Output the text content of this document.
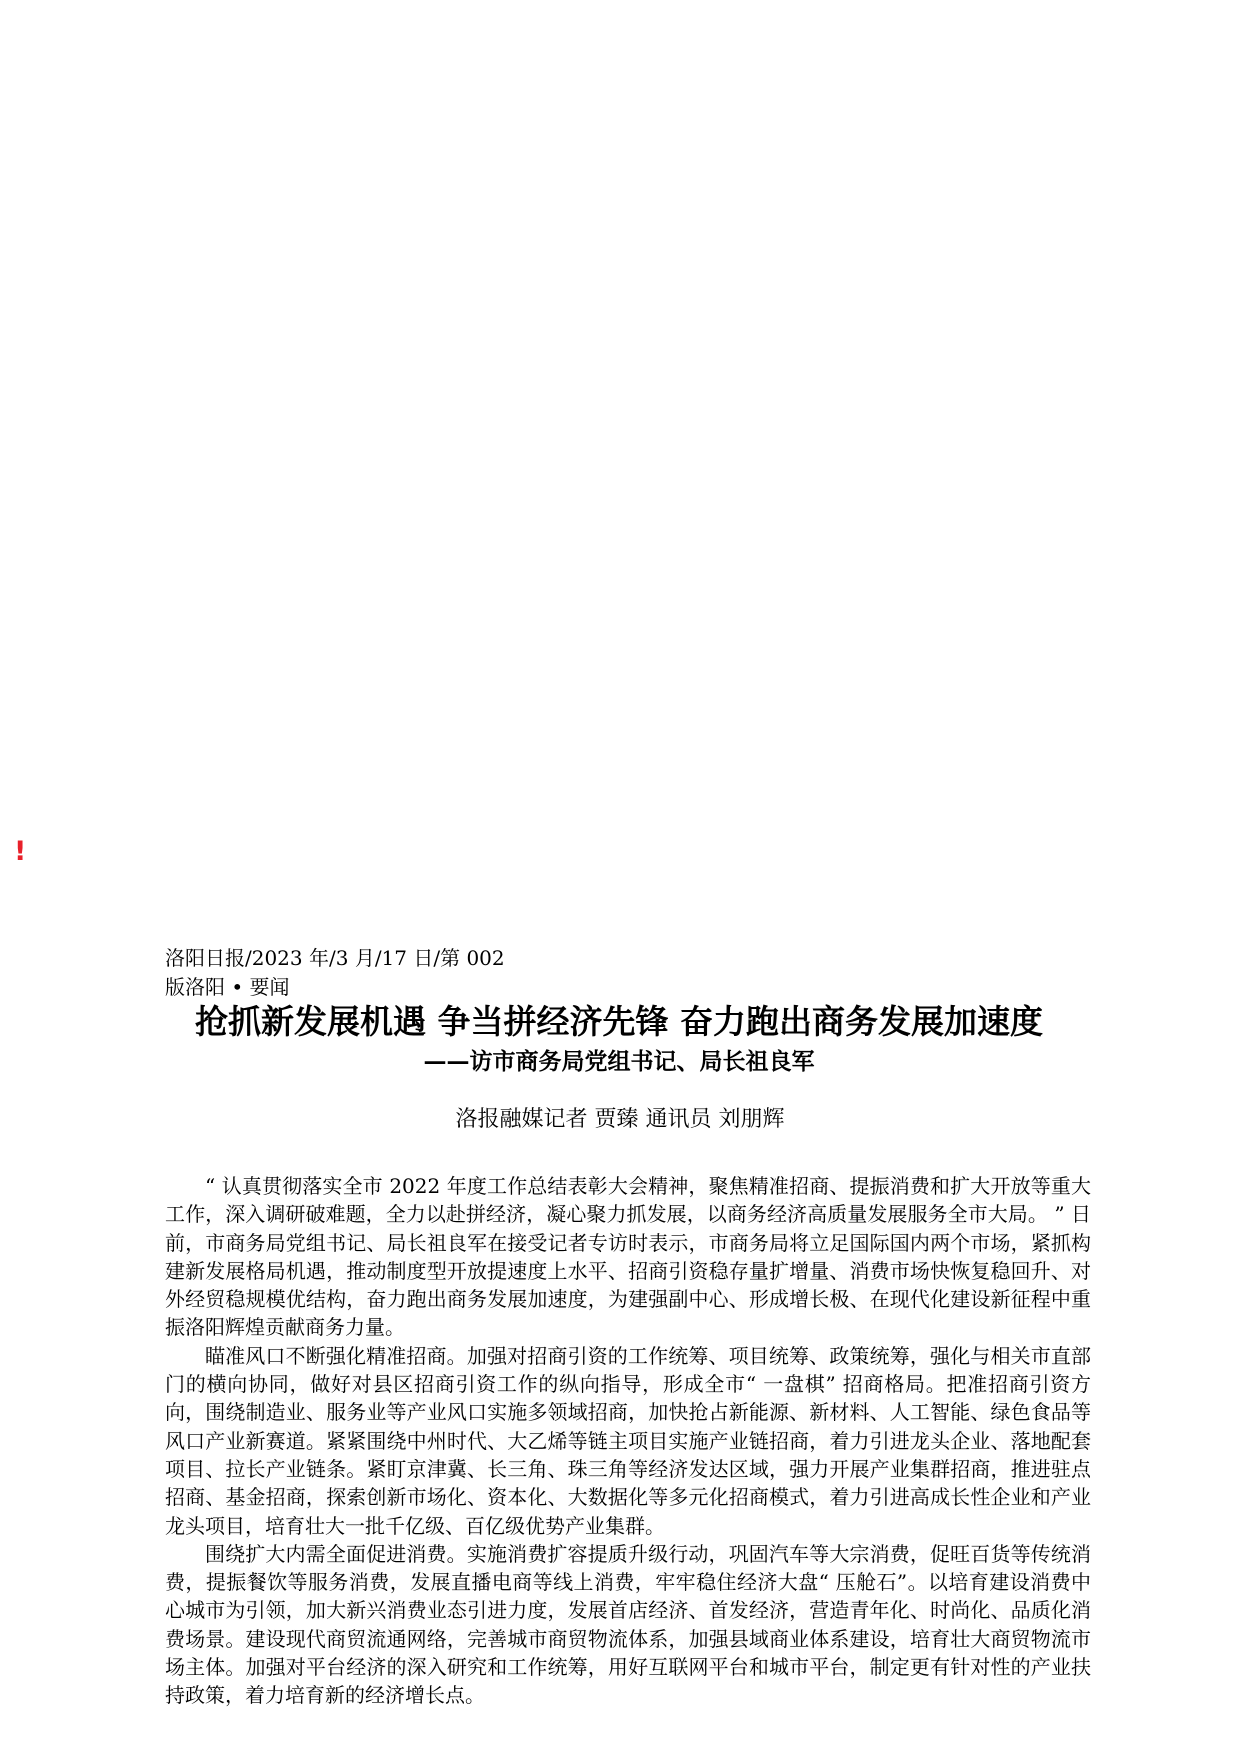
!
洛阳日报/2023 年/3 月/17 日/第 002
版洛阳 • 要闻
抢抓新发展机遇 争当拼经济先锋 奋力跑出商务发展加速度
——访市商务局党组书记、局长祖良军
洛报融媒记者 贾臻 通讯员 刘朋辉

“ 认真贯彻落实全市 2022 年度工作总结表彰大会精神，聚焦精准招商、提振消费和扩大开放等重大工作，深入调研破难题，全力以赴拼经济，凝心聚力抓发展，以商务经济高质量发展服务全市大局。 ” 日前，市商务局党组书记、局长祖良军在接受记者专访时表示，市商务局将立足国际国内两个市场，紧抓构建新发展格局机遇，推动制度型开放提速度上水平、招商引资稳存量扩增量、消费市场快恢复稳回升、对外经贸稳规模优结构，奋力跑出商务发展加速度，为建强副中心、形成增长极、在现代化建设新征程中重振洛阳辉煌贡献商务力量。

瞄准风口不断强化精准招商。加强对招商引资的工作统筹、项目统筹、政策统筹，强化与相关市直部门的横向协同，做好对县区招商引资工作的纵向指导，形成全市“ 一盘棋” 招商格局。把准招商引资方向，围绕制造业、服务业等产业风口实施多领域招商，加快抢占新能源、新材料、人工智能、绿色食品等风口产业新赛道。紧紧围绕中州时代、大乙烯等链主项目实施产业链招商，着力引进龙头企业、落地配套项目、拉长产业链条。紧盯京津冀、长三角、珠三角等经济发达区域，强力开展产业集群招商，推进驻点招商、基金招商，探索创新市场化、资本化、大数据化等多元化招商模式，着力引进高成长性企业和产业龙头项目，培育壮大一批千亿级、百亿级优势产业集群。

围绕扩大内需全面促进消费。实施消费扩容提质升级行动，巩固汽车等大宗消费，促旺百货等传统消费，提振餐饮等服务消费，发展直播电商等线上消费，牢牢稳住经济大盘“ 压舱石”。以培育建设消费中心城市为引领，加大新兴消费业态引进力度，发展首店经济、首发经济，营造青年化、时尚化、品质化消费场景。建设现代商贸流通网络，完善城市商贸物流体系，加强县域商业体系建设，培育壮大商贸物流市场主体。加强对平台经济的深入研究和工作统筹，用好互联网平台和城市平台，制定更有针对性的产业扶持政策，着力培育新的经济增长点。
